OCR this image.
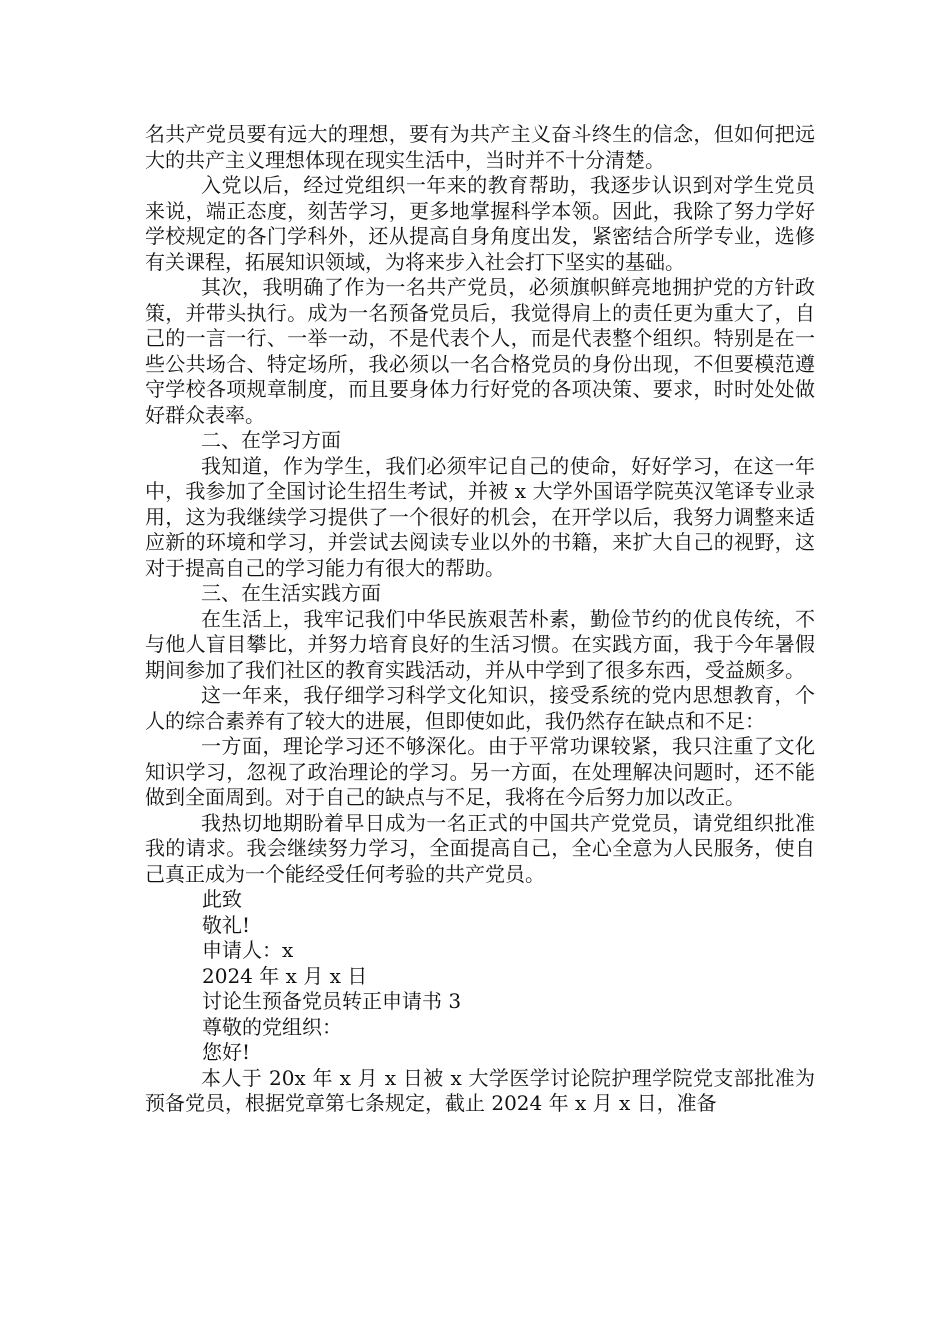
名共产党员要有远大的理想，要有为共产主义奋斗终生的信念，但如何把远大的共产主义理想体现在现实生活中，当时并不十分清楚。

入党以后，经过党组织一年来的教育帮助，我逐步认识到对学生党员来说，端正态度，刻苦学习，更多地掌握科学本领。因此，我除了努力学好学校规定的各门学科外，还从提高自身角度出发，紧密结合所学专业，选修有关课程，拓展知识领域，为将来步入社会打下坚实的基础。

其次，我明确了作为一名共产党员，必须旗帜鲜亮地拥护党的方针政策，并带头执行。成为一名预备党员后，我觉得肩上的责任更为重大了，自己的一言一行、一举一动，不是代表个人，而是代表整个组织。特别是在一些公共场合、特定场所，我必须以一名合格党员的身份出现，不但要模范遵守学校各项规章制度，而且要身体力行好党的各项决策、要求，时时处处做好群众表率。

二、在学习方面

我知道，作为学生，我们必须牢记自己的使命，好好学习，在这一年中，我参加了全国讨论生招生考试，并被 x 大学外国语学院英汉笔译专业录用，这为我继续学习提供了一个很好的机会，在开学以后，我努力调整来适应新的环境和学习，并尝试去阅读专业以外的书籍，来扩大自己的视野，这对于提高自己的学习能力有很大的帮助。

三、在生活实践方面

在生活上，我牢记我们中华民族艰苦朴素，勤俭节约的优良传统，不与他人盲目攀比，并努力培育良好的生活习惯。在实践方面，我于今年暑假期间参加了我们社区的教育实践活动，并从中学到了很多东西，受益颇多。

这一年来，我仔细学习科学文化知识，接受系统的党内思想教育，个人的综合素养有了较大的进展，但即使如此，我仍然存在缺点和不足：

一方面，理论学习还不够深化。由于平常功课较紧，我只注重了文化知识学习，忽视了政治理论的学习。另一方面，在处理解决问题时，还不能做到全面周到。对于自己的缺点与不足，我将在今后努力加以改正。

我热切地期盼着早日成为一名正式的中国共产党党员，请党组织批准我的请求。我会继续努力学习，全面提高自己，全心全意为人民服务，使自己真正成为一个能经受任何考验的共产党员。

此致

敬礼!

申请人：x

2024 年 x 月 x 日

讨论生预备党员转正申请书 3

尊敬的党组织：

您好!

本人于 20x 年 x 月 x 日被 x 大学医学讨论院护理学院党支部批准为预备党员，根据党章第七条规定，截止 2024 年 x 月 x 日，准备
